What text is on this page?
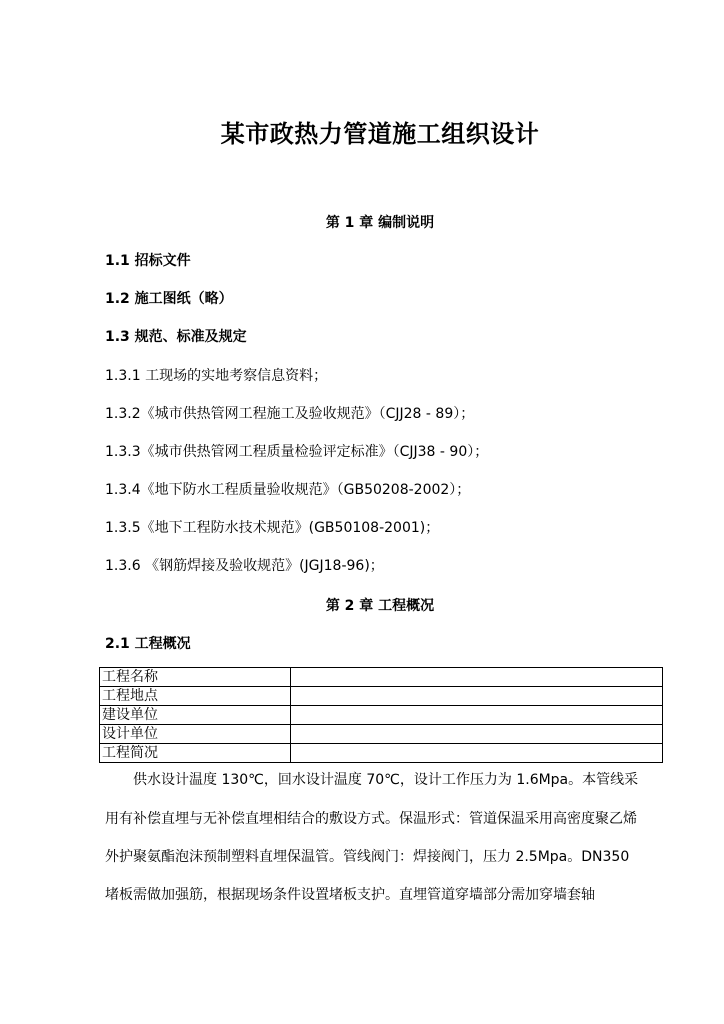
某市政热力管道施工组织设计
第 1 章 编制说明
1.1 招标文件
1.2 施工图纸（略）
1.3 规范、标准及规定
1.3.1 工现场的实地考察信息资料；
1.3.2《城市供热管网工程施工及验收规范》（CJJ28 - 89）；
1.3.3《城市供热管网工程质量检验评定标准》（CJJ38 - 90）；
1.3.4《地下防水工程质量验收规范》（GB50208-2002）；
1.3.5《地下工程防水技术规范》(GB50108-2001)；
1.3.6 《钢筋焊接及验收规范》(JGJ18-96)；
第 2 章 工程概况
2.1 工程概况
工程名称	
工程地点	
建设单位	
设计单位	
工程简况	
　　供水设计温度 130℃，回水设计温度 70℃，设计工作压力为 1.6Mpa。本管线采
用有补偿直埋与无补偿直埋相结合的敷设方式。保温形式：管道保温采用高密度聚乙烯
外护聚氨酯泡沫预制塑料直埋保温管。管线阀门：焊接阀门，压力 2.5Mpa。DN350
堵板需做加强筋，根据现场条件设置堵板支护。直埋管道穿墙部分需加穿墙套轴
